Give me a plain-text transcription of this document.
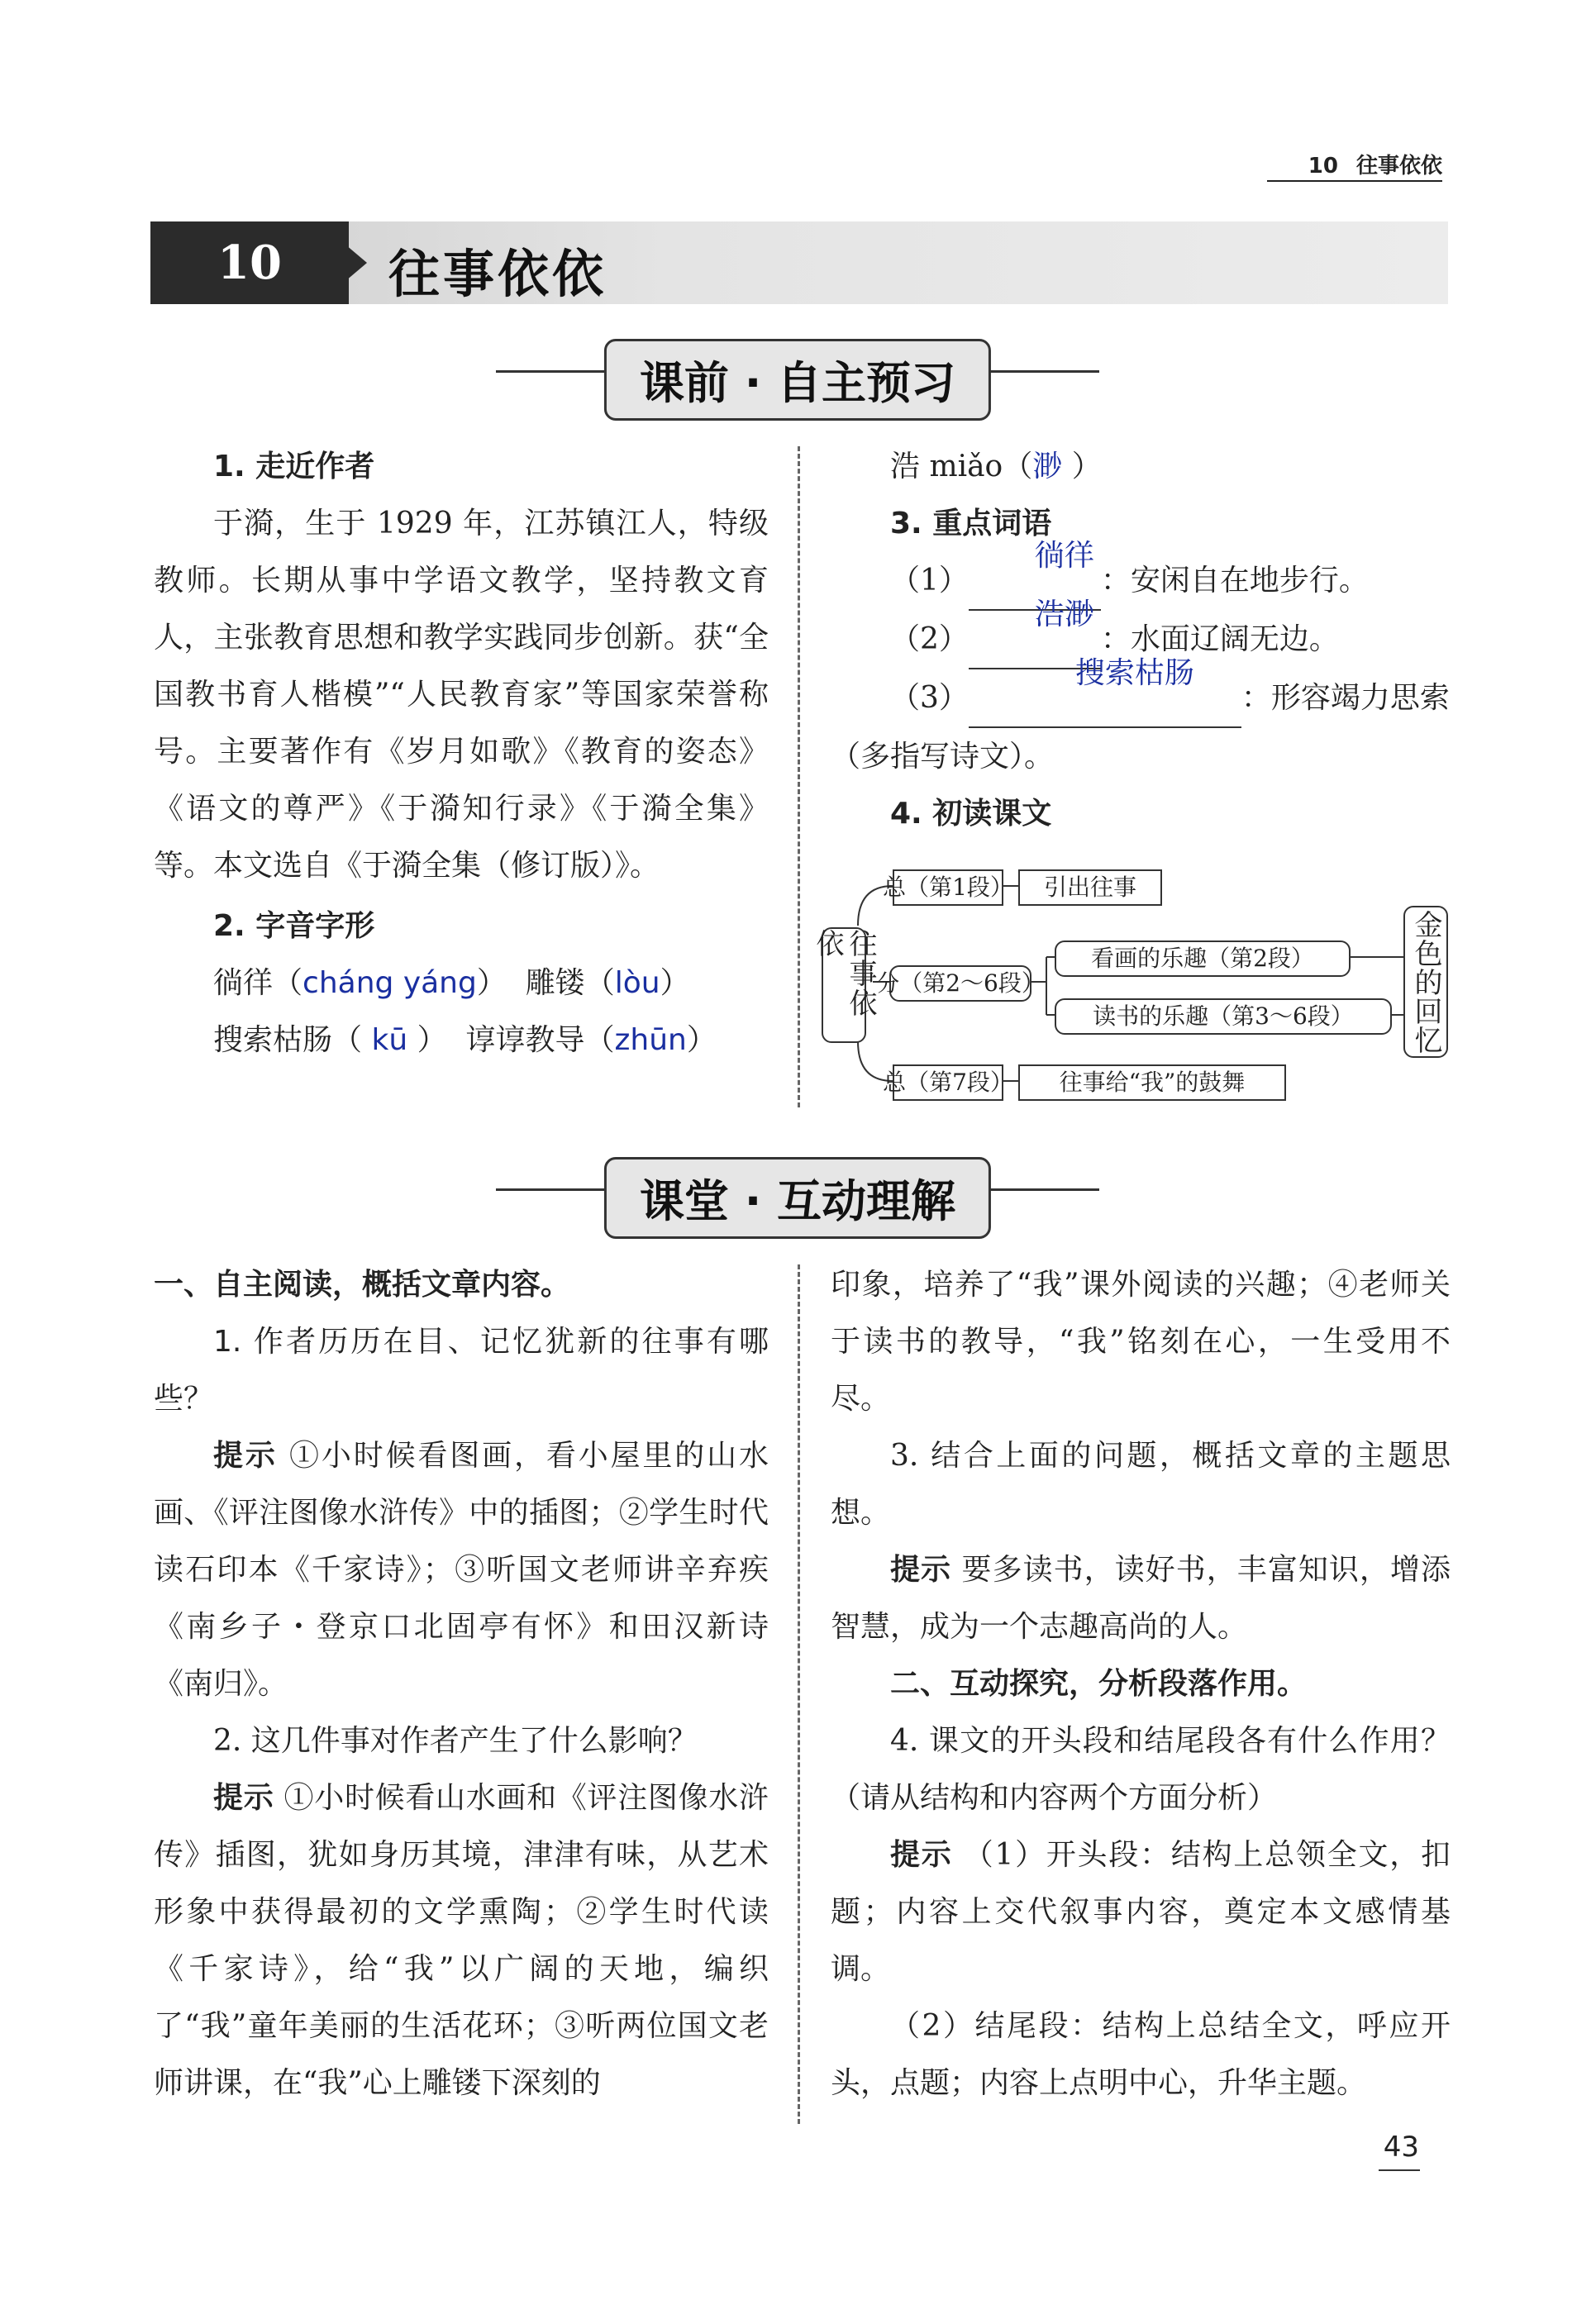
10 往事依依
10	往事依依
课前 · 自主预习

1. 走近作者

于漪，生于 1929 年，江苏镇江人，特级教师。长期从事中学语文教学，坚持教文育人，主张教育思想和教学实践同步创新。获“全国教书育人楷模”“人民教育家”等国家荣誉称号。主要著作有《岁月如歌》《教育的姿态》《语文的尊严》《于漪知行录》《于漪全集》等。本文选自《于漪全集（修订版）》。

2. 字音字形

徜徉（cháng yáng）  雕镂（lòu）

搜索枯肠（ kū ）  谆谆教导（zhūn）

浩 miǎo（渺 ）

3. 重点词语

（1）
徜徉
：安闲自在地步行。

（2）
浩渺
：水面辽阔无边。

（3）
搜索枯肠
：形容竭力思索

（多指写诗文）。

4. 初读课文

往事依依
总（第1段）	引出往事
分（第2～6段）
看画的乐趣（第2段）
读书的乐趣（第3～6段）	金色的回忆
总（第7段）	往事给“我”的鼓舞
课堂 · 互动理解

一、自主阅读，概括文章内容。

1. 作者历历在目、记忆犹新的往事有哪些？

提示 ①小时候看图画，看小屋里的山水画、《评注图像水浒传》中的插图；②学生时代读石印本《千家诗》；③听国文老师讲辛弃疾《南乡子・登京口北固亭有怀》和田汉新诗《南归》。

2. 这几件事对作者产生了什么影响？

提示 ①小时候看山水画和《评注图像水浒传》插图，犹如身历其境，津津有味，从艺术形象中获得最初的文学熏陶；②学生时代读《千家诗》，给“我”以广阔的天地，编织了“我”童年美丽的生活花环；③听两位国文老师讲课，在“我”心上雕镂下深刻的

印象，培养了“我”课外阅读的兴趣；④老师关于读书的教导，“我”铭刻在心，一生受用不尽。

3. 结合上面的问题，概括文章的主题思想。

提示 要多读书，读好书，丰富知识，增添智慧，成为一个志趣高尚的人。

二、互动探究，分析段落作用。

4. 课文的开头段和结尾段各有什么作用？（请从结构和内容两个方面分析）

提示 （1）开头段：结构上总领全文，扣题；内容上交代叙事内容，奠定本文感情基调。

（2）结尾段：结构上总结全文，呼应开头，点题；内容上点明中心，升华主题。

43
